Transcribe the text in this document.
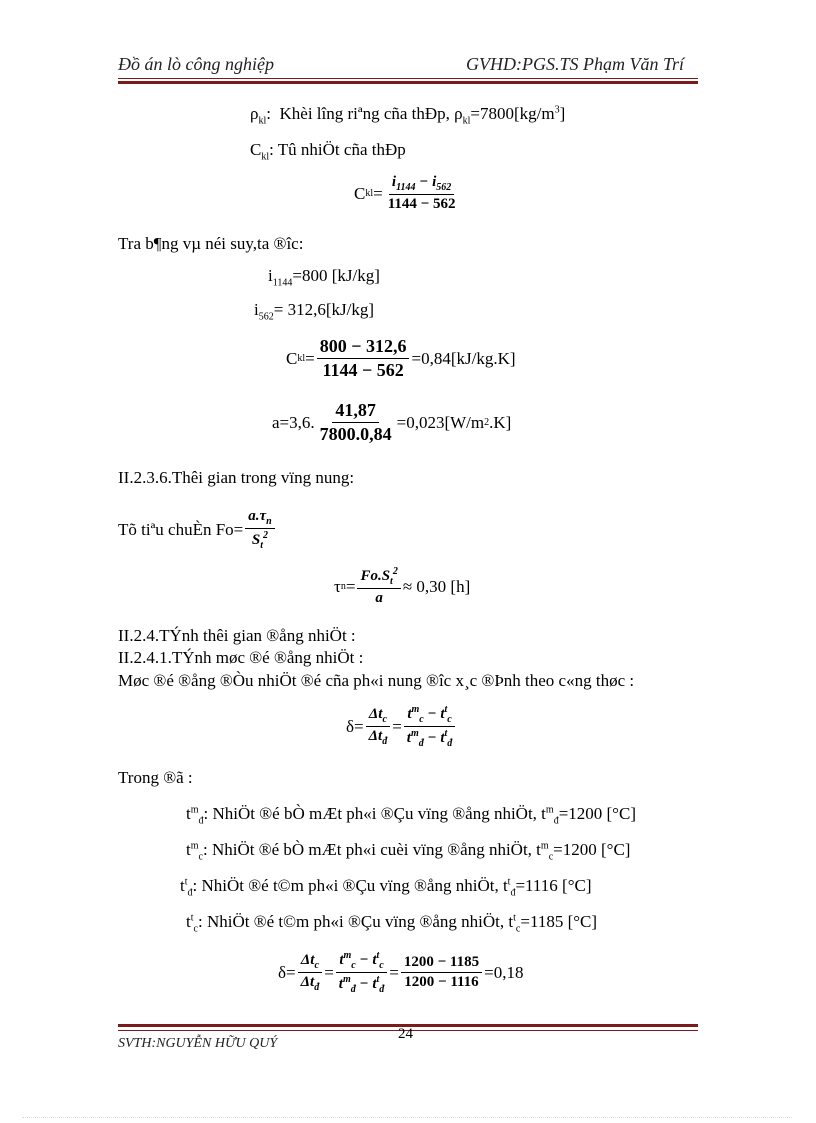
Đồ án lò công nghiệp	GVHD:PGS.TS Phạm Văn Trí
$\rho_{kl}$:  Khèi lîng riªng cña thÐp, $\rho_{kl}=7800[kg/m^3]$
$C_{kl}$: Tû nhiÖt cña thÐp
C kl = $\frac{i_{1144} - i_{562}}{1144 - 562}$
Tra b¶ng vµ néi suy,ta ®îc:
$i_{1144}=800$ [kJ/kg]
$i_{562}= 312,6[kJ/kg]$
C kl = $\frac{800 - 312,6}{1144 - 562} =0,84[kJ/kg.K]$
a=3,6. $\frac{41,87}{7800.0,84} =0,023[W/m$ 2 .K]
II.2.3.6.Thêi gian trong vïng nung:
Tõ tiªu chuÈn $Fo= \frac{a.\tau_n}{S_t^2}$
τ $n = \frac{Fo.S_t^2}{a} \approx 0,30$ [h]
II.2.4.TÝnh thêi gian ®ång nhiÖt :
II.2.4.1.TÝnh møc ®é ®ång nhiÖt :
Møc ®é ®ång ®Òu nhiÖt ®é cña ph«i nung ®îc x¸c ®Þnh theo c«ng thøc :
$\delta= \frac{\Delta t_c}{\Delta t_đ} = \frac{t^m_c - t^t_c}{t^m_đ - t^t_đ}$
Trong ®ã :
$t^m_đ$: NhiÖt ®é bÒ mÆt ph«i ®Çu vïng ®ång nhiÖt, $t^m_đ=1200$ [°C]
$t^m_c$: NhiÖt ®é bÒ mÆt ph«i cuèi vïng ®ång nhiÖt, $t^m_c=1200$ [°C]
$t^t_đ$: NhiÖt ®é t©m ph«i ®Çu vïng ®ång nhiÖt, $t^t_đ=1116$ [°C]
$t^t_c$: NhiÖt ®é t©m ph«i ®Çu vïng ®ång nhiÖt, $t^t_c=1185$ [°C]
$\delta= \frac{\Delta t_c}{\Delta t_đ} = \frac{t^m_c - t^t_c}{t^m_đ - t^t_đ} = \frac{1200 - 1185}{1200 - 1116} =0,18$
24
SVTH:NGUYỄN HỮU QUÝ
